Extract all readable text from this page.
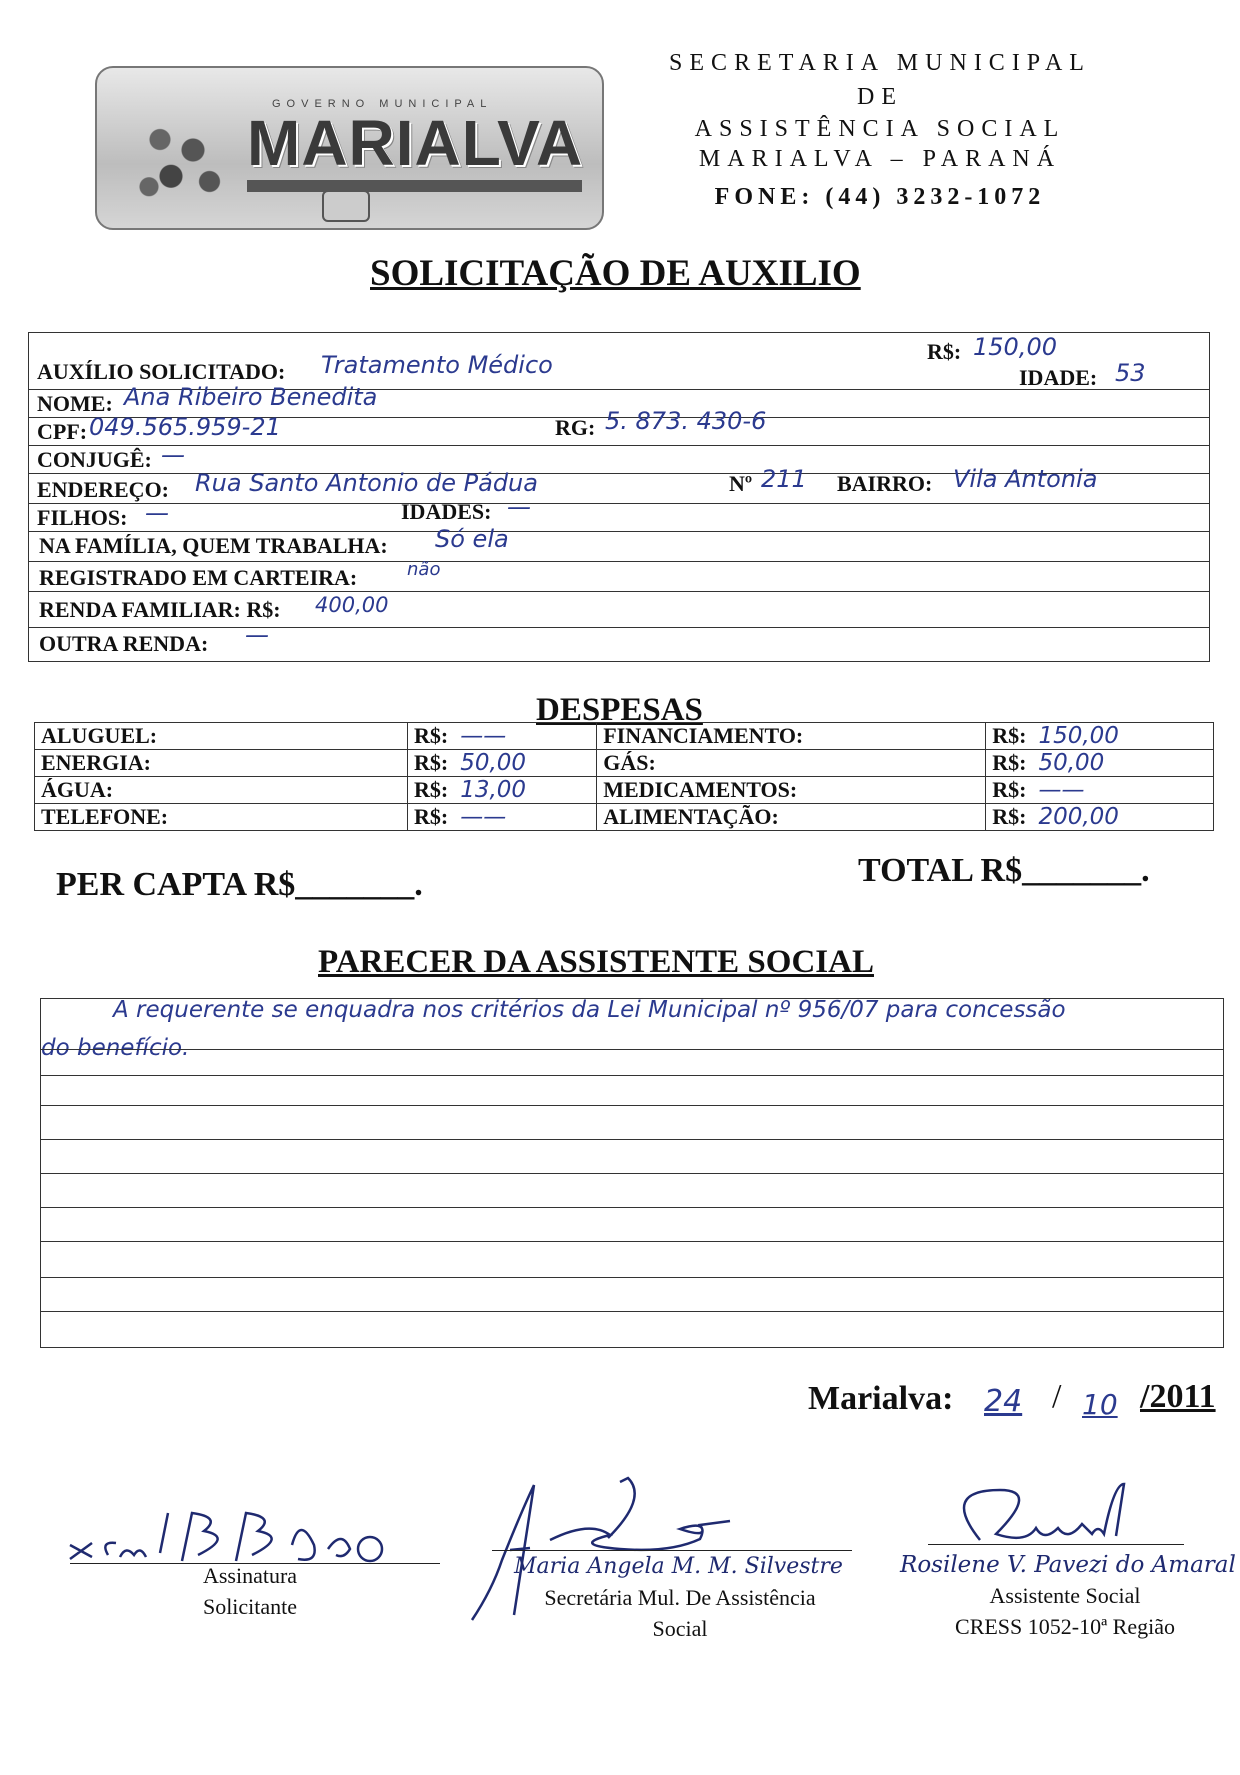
GOVERNO MUNICIPAL
MARIALVA
SECRETARIA MUNICIPAL
DE
ASSISTÊNCIA SOCIAL
MARIALVA – PARANÁ
FONE: (44) 3232-1072
SOLICITAÇÃO DE AUXILIO
AUXÍLIO SOLICITADO: Tratamento Médico	R$: 150,00
IDADE: 53
NOME: Ana Ribeiro Benedita
CPF: 049.565.959-21	RG: 5. 873. 430-6
CONJUGÊ: —
ENDEREÇO: Rua Santo Antonio de Pádua	Nº 211 BAIRRO: Vila Antonia
FILHOS: —	IDADES: —
NA FAMÍLIA, QUEM TRABALHA: Só ela
REGISTRADO EM CARTEIRA:	não
RENDA FAMILIAR: R$: 400,00
OUTRA RENDA: —
DESPESAS
ALUGUEL:	R$:	——	FINANCIAMENTO:	R$:	150,00
ENERGIA:	R$:	50,00	GÁS:	R$:	50,00
ÁGUA:	R$:	13,00	MEDICAMENTOS:	R$:	——
TELEFONE:	R$:	——	ALIMENTAÇÃO:	R$:	200,00
PER CAPTA R$_______.	TOTAL R$_______.
PARECER DA ASSISTENTE SOCIAL
A requerente se enquadra nos critérios da Lei Municipal nº 956/07 para concessão
do benefício.
Marialva: 24 / 10 /2011
Assinatura
Solicitante
Maria Angela M. M. Silvestre
Secretária Mul. De Assistência
Social
Rosilene V. Pavezi do Amaral
Assistente Social
CRESS 1052-10ª Região
